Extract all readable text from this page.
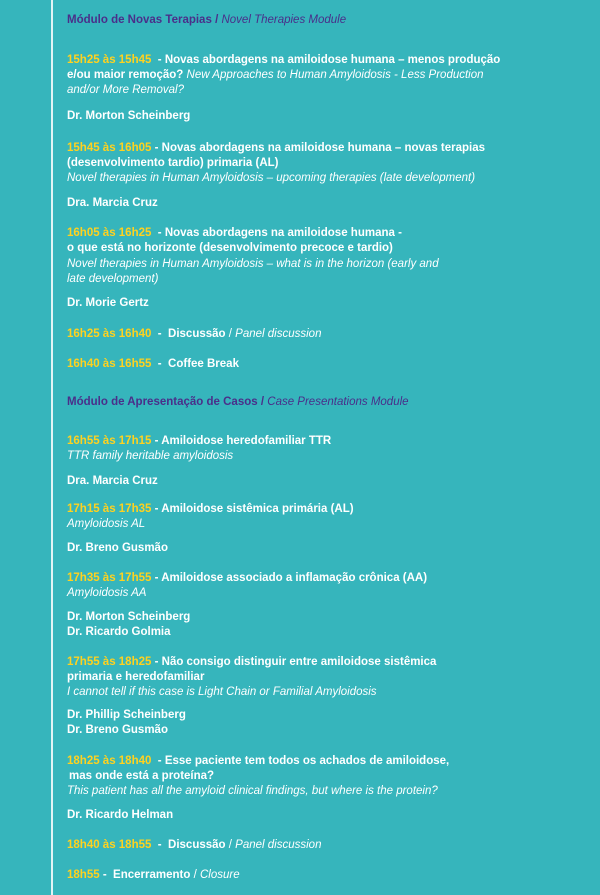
Módulo de Novas Terapias / Novel Therapies Module
15h25 às 15h45 - Novas abordagens na amiloidose humana – menos produção
e/ou maior remoção? New Approaches to Human Amyloidosis - Less Production
and/or More Removal?
Dr. Morton Scheinberg
15h45 às 16h05 - Novas abordagens na amiloidose humana – novas terapias
(desenvolvimento tardio) primaria (AL)
Novel therapies in Human Amyloidosis – upcoming therapies (late development)
Dra. Marcia Cruz
16h05 às 16h25 - Novas abordagens na amiloidose humana -
o que está no horizonte (desenvolvimento precoce e tardio)
Novel therapies in Human Amyloidosis – what is in the horizon (early and
late development)
Dr. Morie Gertz
16h25 às 16h40 - Discussão / Panel discussion
16h40 às 16h55 - Coffee Break
Módulo de Apresentação de Casos / Case Presentations Module
16h55 às 17h15 - Amiloidose heredofamiliar TTR
TTR family heritable amyloidosis
Dra. Marcia Cruz
17h15 às 17h35 - Amiloidose sistêmica primária (AL)
Amyloidosis AL
Dr. Breno Gusmão
17h35 às 17h55 - Amiloidose associado a inflamação crônica (AA)
Amyloidosis AA
Dr. Morton Scheinberg
Dr. Ricardo Golmia
17h55 às 18h25 - Não consigo distinguir entre amiloidose sistêmica
primaria e heredofamiliar
I cannot tell if this case is Light Chain or Familial Amyloidosis
Dr. Phillip Scheinberg
Dr. Breno Gusmão
18h25 às 18h40 - Esse paciente tem todos os achados de amiloidose,
mas onde está a proteína?
This patient has all the amyloid clinical findings, but where is the protein?
Dr. Ricardo Helman
18h40 às 18h55 - Discussão / Panel discussion
18h55 - Encerramento / Closure
